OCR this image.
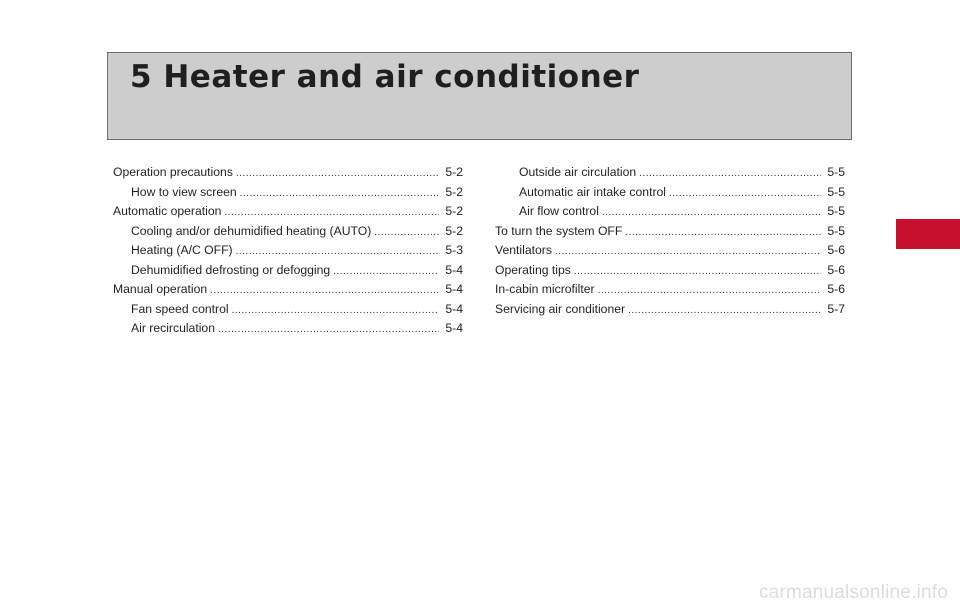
5 Heater and air conditioner
Operation precautions .....	5-2
How to view screen .....	5-2
Automatic operation .....	5-2
Cooling and/or dehumidified heating (AUTO) .....	5-2
Heating (A/C OFF) .....	5-3
Dehumidified defrosting or defogging .....	5-4
Manual operation .....	5-4
Fan speed control .....	5-4
Air recirculation .....	5-4
Outside air circulation .....	5-5
Automatic air intake control .....	5-5
Air flow control .....	5-5
To turn the system OFF .....	5-5
Ventilators .....	5-6
Operating tips .....	5-6
In-cabin microfilter .....	5-6
Servicing air conditioner .....	5-7
carmanualsonline.info
